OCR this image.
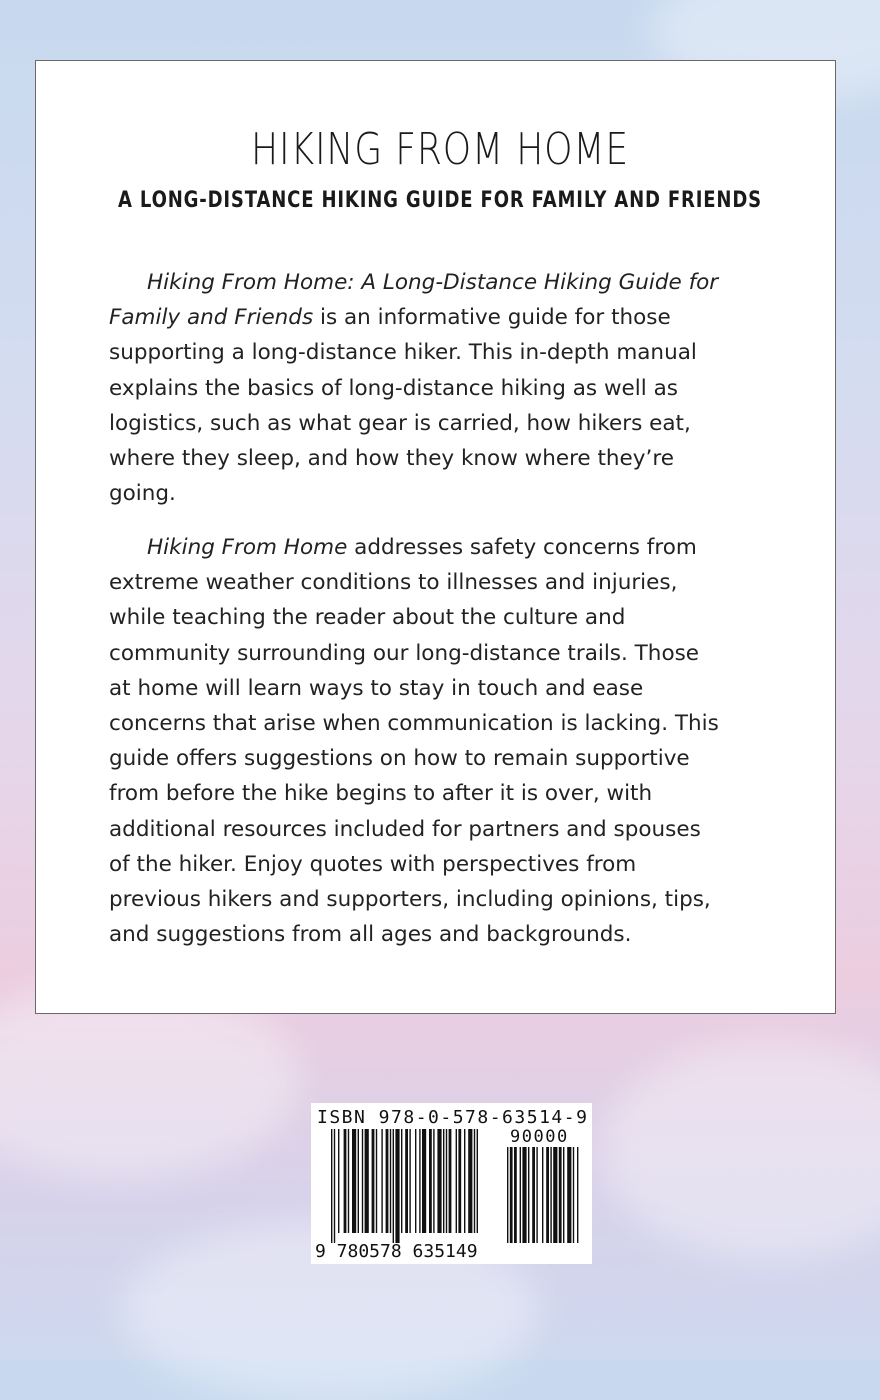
HIKING FROM HOME
A LONG-DISTANCE HIKING GUIDE FOR FAMILY AND FRIENDS
Hiking From Home: A Long-Distance Hiking Guide for
Family and Friends is an informative guide for those
supporting a long-distance hiker. This in-depth manual
explains the basics of long-distance hiking as well as
logistics, such as what gear is carried, how hikers eat,
where they sleep, and how they know where they’re
going.
Hiking From Home addresses safety concerns from
extreme weather conditions to illnesses and injuries,
while teaching the reader about the culture and
community surrounding our long-distance trails. Those
at home will learn ways to stay in touch and ease
concerns that arise when communication is lacking. This
guide offers suggestions on how to remain supportive
from before the hike begins to after it is over, with
additional resources included for partners and spouses
of the hiker. Enjoy quotes with perspectives from
previous hikers and supporters, including opinions, tips,
and suggestions from all ages and backgrounds.
ISBN 978-0-578-63514-9
90000
9 780578 635149
